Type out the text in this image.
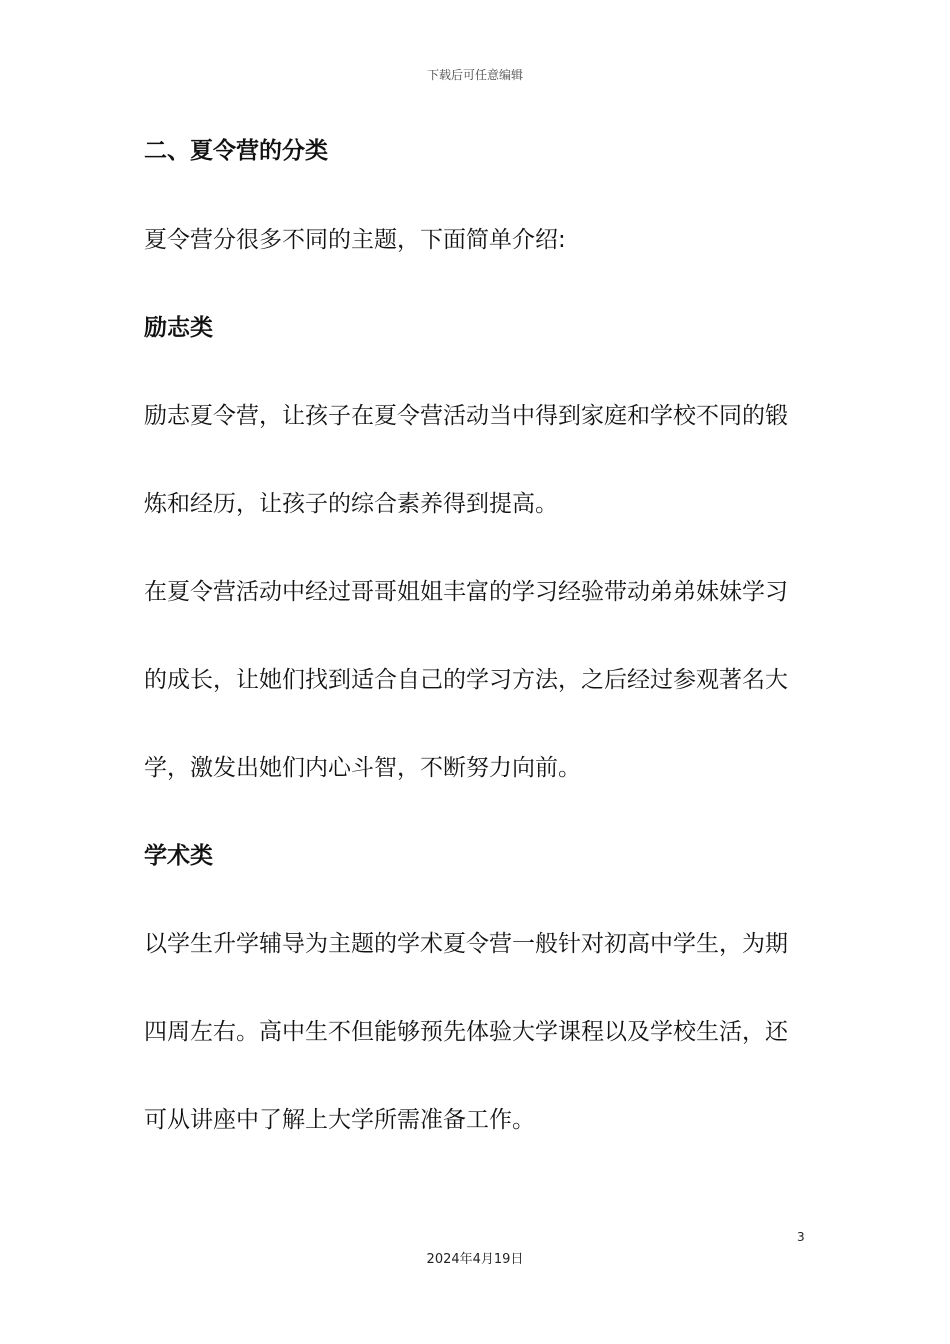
下载后可任意编辑
二、夏令营的分类
夏令营分很多不同的主题，下面简单介绍:
励志类
励志夏令营，让孩子在夏令营活动当中得到家庭和学校不同的锻
炼和经历，让孩子的综合素养得到提高。
在夏令营活动中经过哥哥姐姐丰富的学习经验带动弟弟妹妹学习
的成长，让她们找到适合自己的学习方法，之后经过参观著名大
学，激发出她们内心斗智，不断努力向前。
学术类
以学生升学辅导为主题的学术夏令营一般针对初高中学生，为期
四周左右。高中生不但能够预先体验大学课程以及学校生活，还
可从讲座中了解上大学所需准备工作。
3
2024年4月19日
